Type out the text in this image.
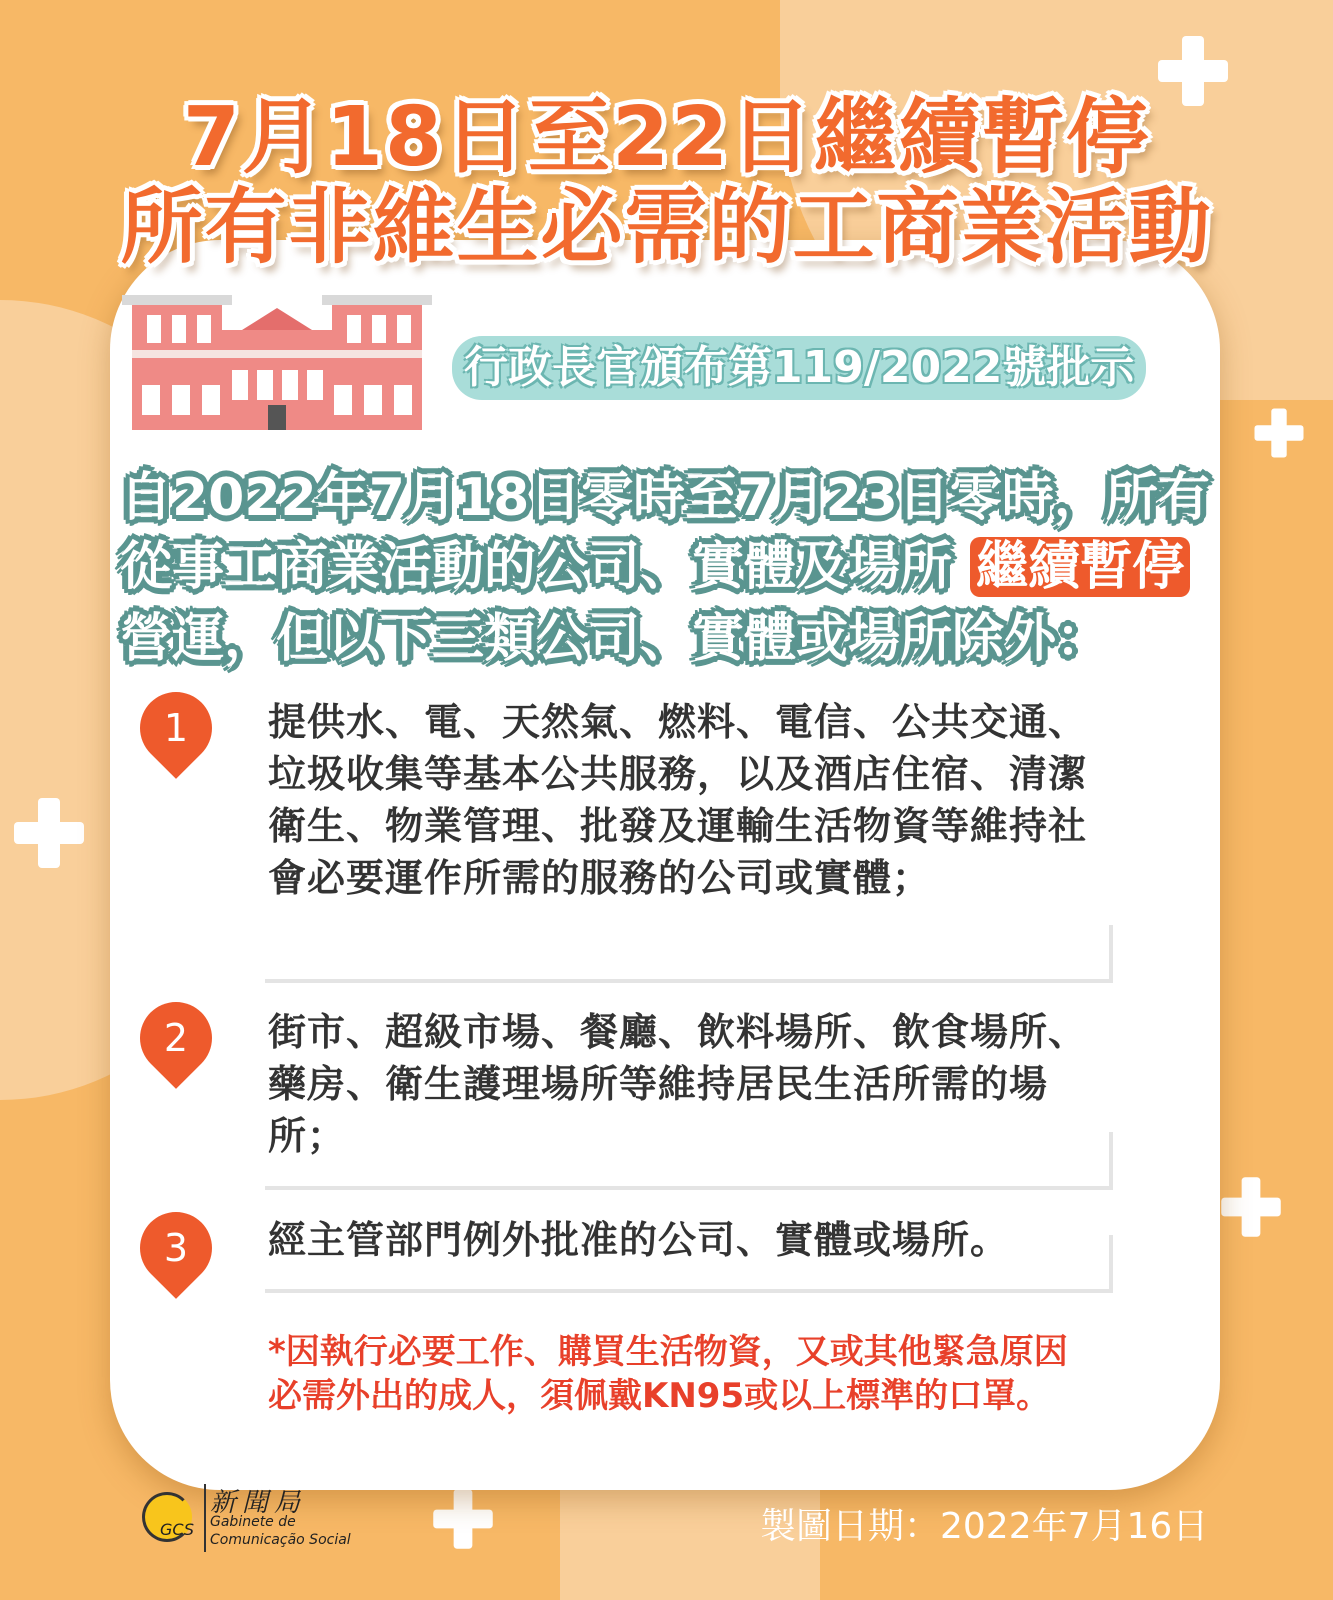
7月18日至22日繼續暫停
所有非維生必需的工商業活動
行政長官頒布第119/2022號批示
自2022年7月18日零時至7月23日零時，所有
從事工商業活動的公司、實體及場所 繼續暫停
營運，但以下三類公司、實體或場所除外：
1	提供水、電、天然氣、燃料、電信、公共交通、垃圾收集等基本公共服務，以及酒店住宿、清潔衛生、物業管理、批發及運輸生活物資等維持社會必要運作所需的服務的公司或實體；
2	街市、超級市場、餐廳、飲料場所、飲食場所、藥房、衛生護理場所等維持居民生活所需的場所；
3	經主管部門例外批准的公司、實體或場所。
*因執行必要工作、購買生活物資，又或其他緊急原因
必需外出的成人，須佩戴KN95或以上標準的口罩。
GCS
新聞局
Gabinete de
Comunicação Social	製圖日期：2022年7月16日
